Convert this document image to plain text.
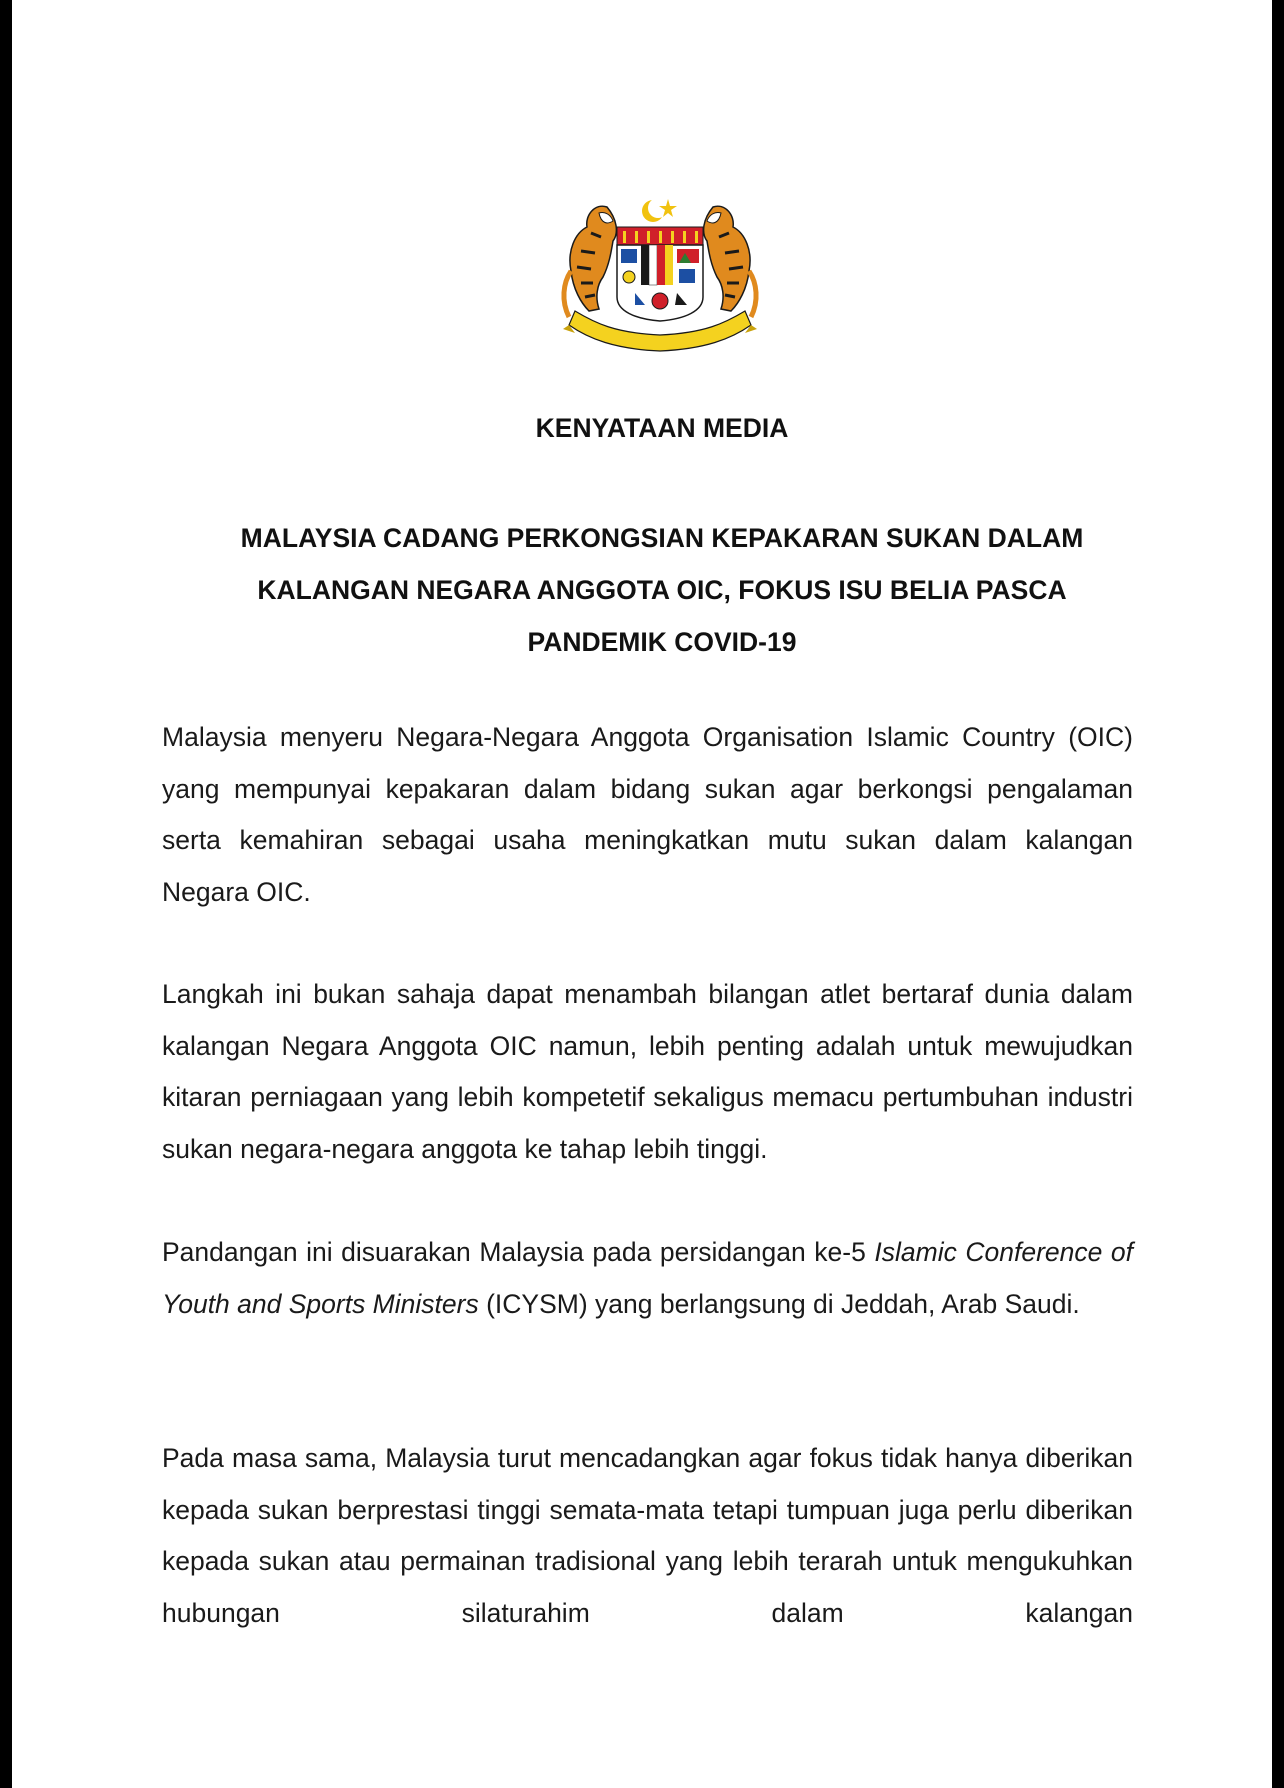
KENYATAAN MEDIA

MALAYSIA CADANG PERKONGSIAN KEPAKARAN SUKAN DALAM
KALANGAN NEGARA ANGGOTA OIC, FOKUS ISU BELIA PASCA
PANDEMIK COVID-19

Malaysia menyeru Negara-Negara Anggota Organisation Islamic Country (OIC) yang mempunyai kepakaran dalam bidang sukan agar berkongsi pengalaman serta kemahiran sebagai usaha meningkatkan mutu sukan dalam kalangan Negara OIC.

Langkah ini bukan sahaja dapat menambah bilangan atlet bertaraf dunia dalam kalangan Negara Anggota OIC namun, lebih penting adalah untuk mewujudkan kitaran perniagaan yang lebih kompetetif sekaligus memacu pertumbuhan industri sukan negara-negara anggota ke tahap lebih tinggi.

Pandangan ini disuarakan Malaysia pada persidangan ke-5 Islamic Conference of Youth and Sports Ministers (ICYSM) yang berlangsung di Jeddah, Arab Saudi.

Pada masa sama, Malaysia turut mencadangkan agar fokus tidak hanya diberikan kepada sukan berprestasi tinggi semata-mata tetapi tumpuan juga perlu diberikan kepada sukan atau permainan tradisional yang lebih terarah untuk mengukuhkan hubungan silaturahim dalam kalangan
